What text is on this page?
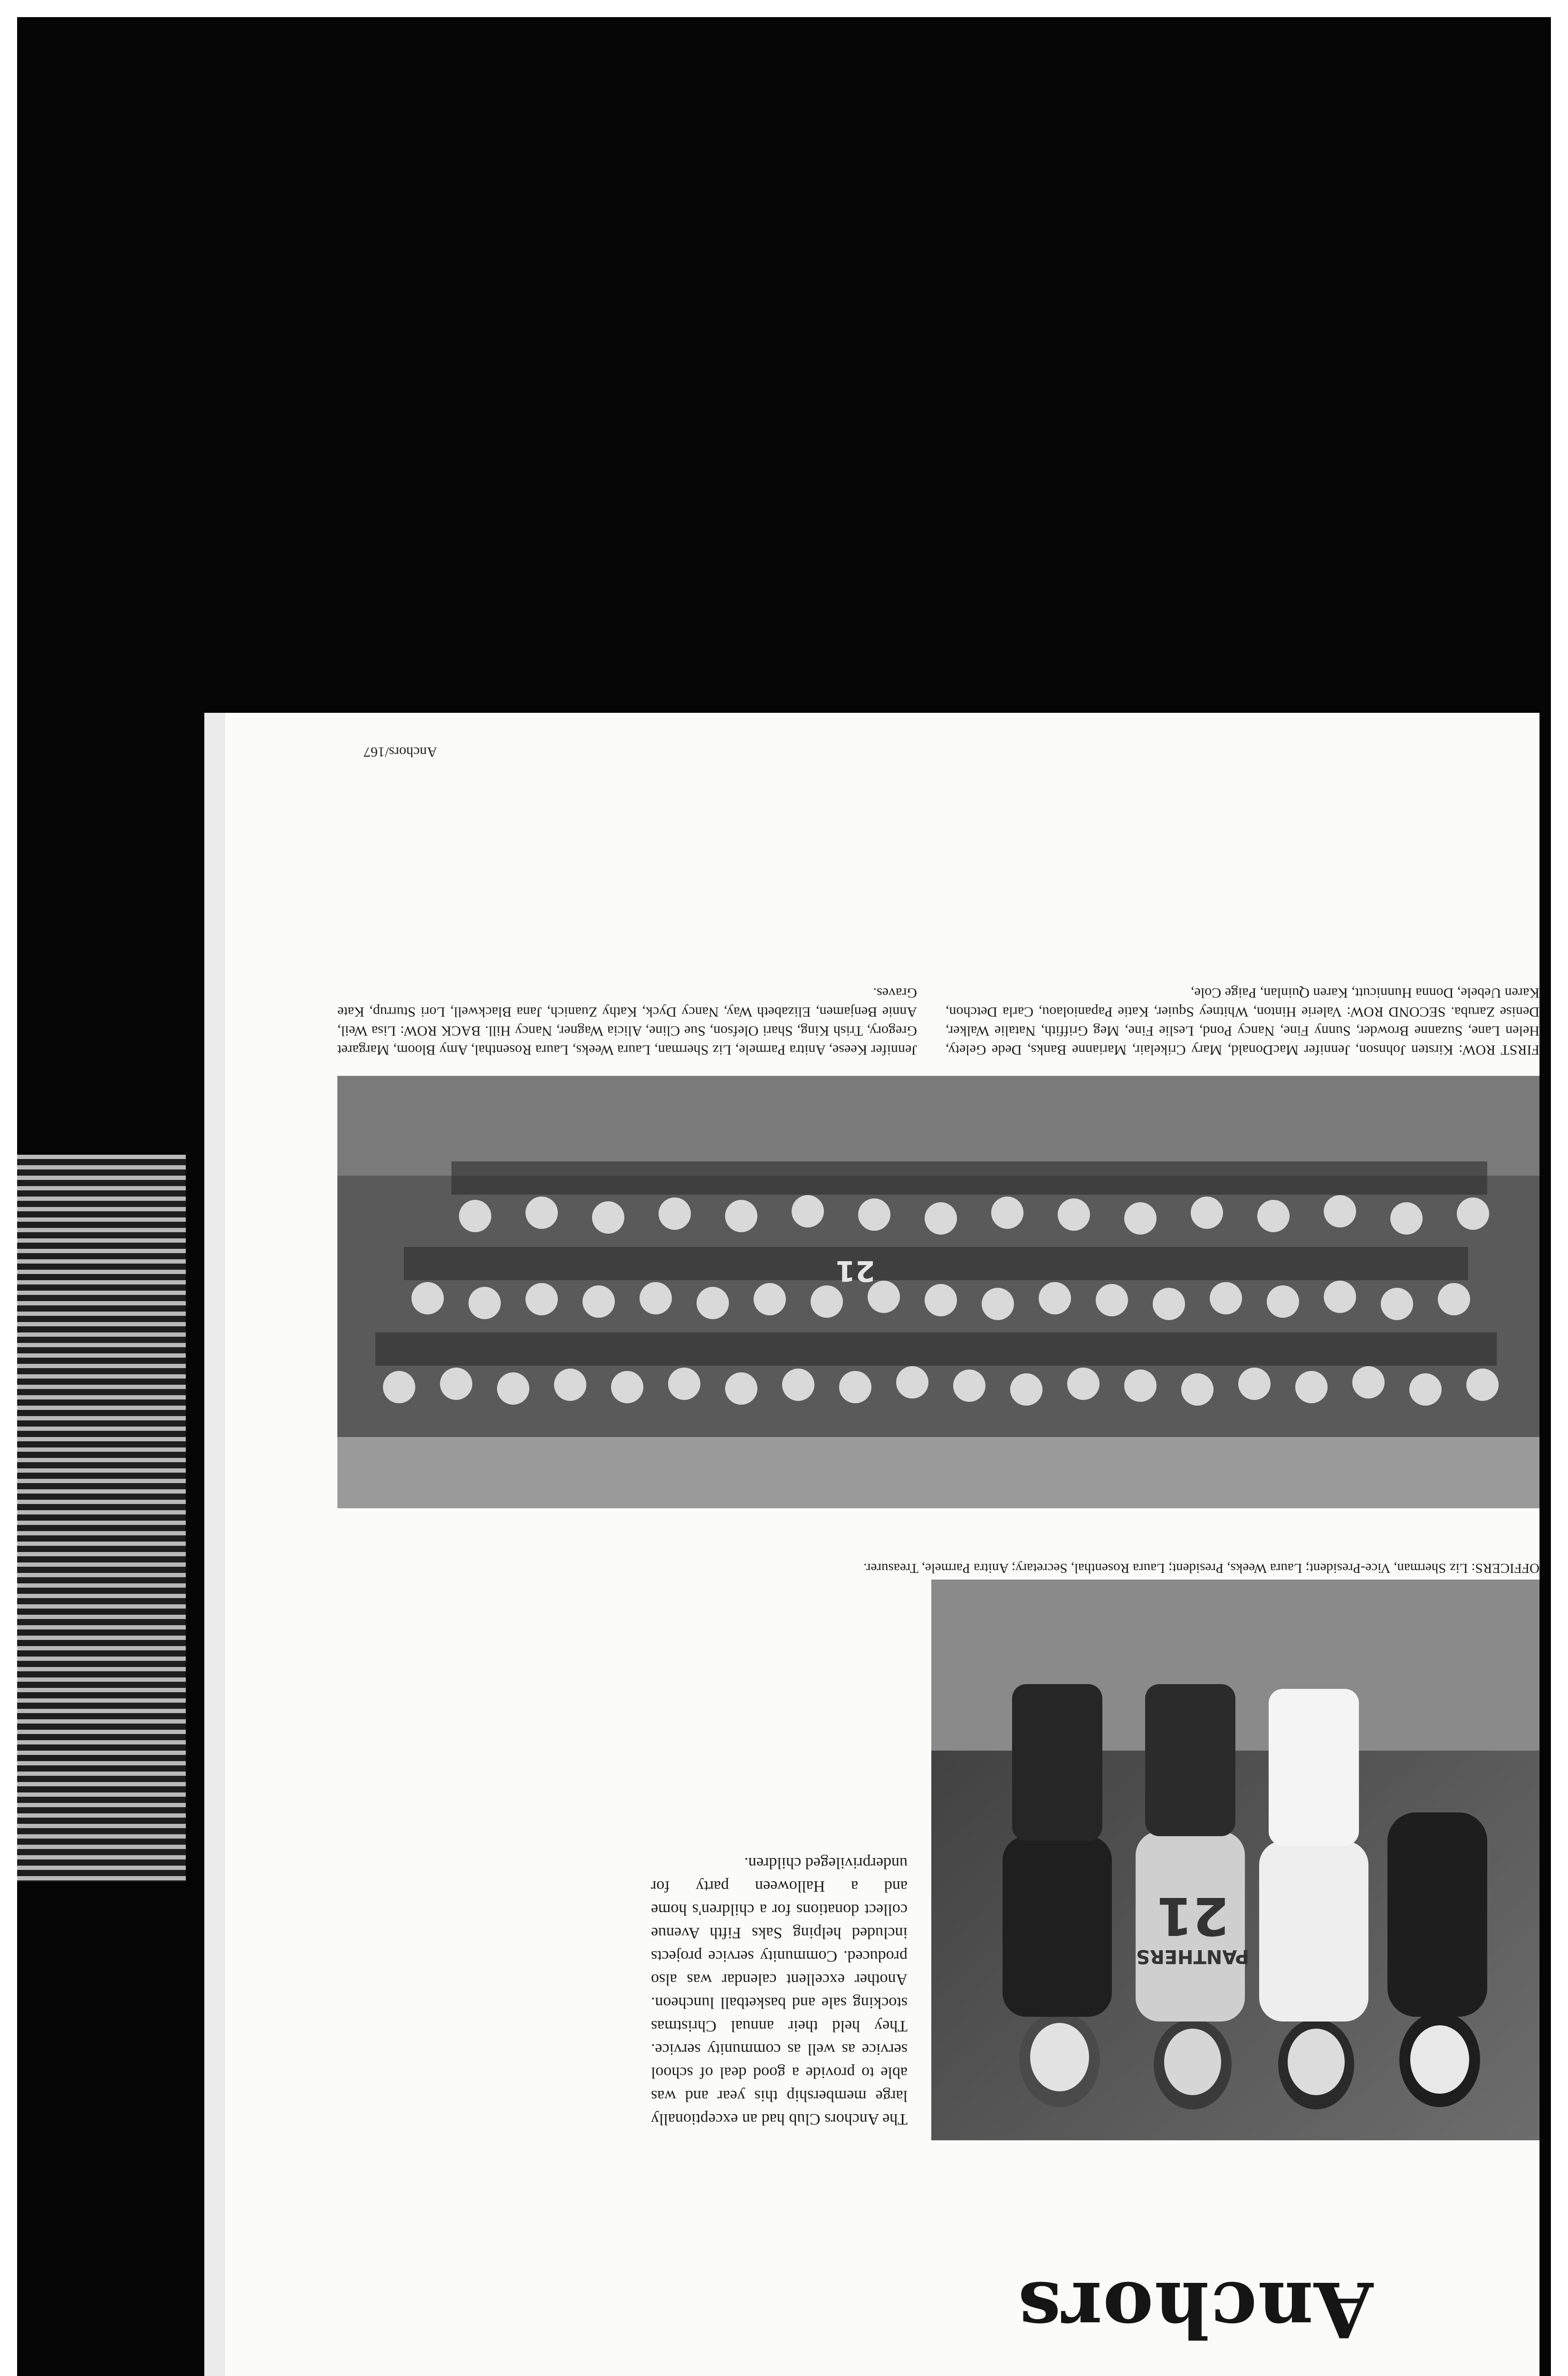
Anchors
PANTHERS
21
OFFICERS: Liz Sherman, Vice-President; Laura Weeks, President; Laura Rosenthal, Secretary; Anitra Parmele, Treasurer.
The Anchors Club had an exceptionally large membership this year and was able to provide a good deal of school service as well as community service. They held their annual Christmas stocking sale and basketball luncheon. Another excellent calendar was also produced. Community service projects included helping Saks Fifth Avenue collect donations for a children's home and a Halloween party for underprivileged children.
21
FIRST ROW: Kirsten Johnson, Jennifer MacDonald, Mary Crikelair, Marianne Banks, Dede Gelety, Helen Lane, Suzanne Browder, Sunny Fine, Nancy Pond, Leslie Fine, Meg Griffith, Natalie Walker, Denise Zaruba. SECOND ROW: Valerie Hinton, Whitney Squier, Katie Papaniolaou, Carla Detchon, Karen Uebele, Donna Hunnicutt, Karen Quinlan, Paige Cole,
Jennifer Keese, Anitra Parmele, Liz Sherman, Laura Weeks, Laura Rosenthal, Amy Bloom, Margaret Gregory, Trish King, Shari Olefson, Sue Cline, Alicia Wagner, Nancy Hill. BACK ROW: Lisa Weil, Annie Benjamen, Elizabeth Way, Nancy Dyck, Kathy Zuanich, Jana Blackwell, Lori Sturrup, Kate Graves.
Anchors/167
